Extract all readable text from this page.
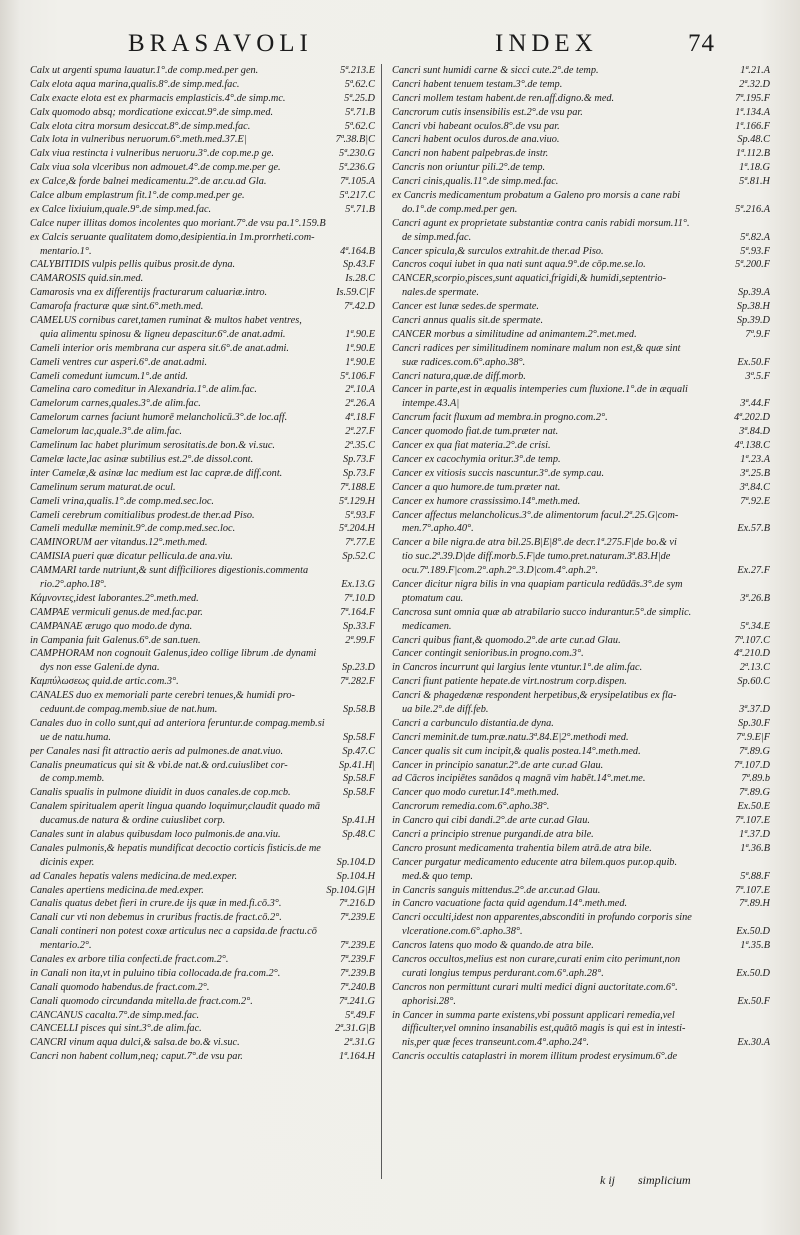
BRASAVOLI	INDEX	74
Calx ut argenti spuma lauatur.1°.de comp.med.per gen.	5ª.213.E
Calx elota aqua marina,qualis.8°.de simp.med.fac.	5ª.62.C
Calx exacte elota est ex pharmacis emplasticis.4°.de simp.mc.	5ª.25.D
Calx quomodo absq; mordicatione exiccat.9°.de simp.med.	5ª.71.B
Calx elota citra morsum desiccat.8°.de simp.med.fac.	5ª.62.C
Calx lota in vulneribus neruorum.6°.meth.med.37.E|	7ª.38.B|C
Calx viua restincta i vulneribus neruoru.3°.de cop.me.p ge.	5ª.230.G
Calx viua sola vlceribus non admouet.4°.de comp.me.per ge.	5ª.236.G
ex Calce,& forde balnei medicamentu.2°.de ar.cu.ad Gla.	7ª.105.A
Calce album emplastrum fit.1°.de comp.med.per ge.	5ª.217.C
ex Calce lixiuium,quale.9°.de simp.med.fac.	5ª.71.B
Calce nuper illitas domos incolentes quo moriant.7°.de vsu pa.1°.159.B
ex Calcis seruante qualitatem domo,desipientia.in 1m.prorrheti.com-
mentario.1°.	4ª.164.B
CALYBITIDIS vulpis pellis quibus prosit.de dyna.	Sp.43.F
CAMAROSIS quid.sin.med.	Is.28.C
Camarosis vna ex differentijs fracturarum caluariæ.intro.	Is.59.C|F
Camarofa fracturæ quæ sint.6°.meth.med.	7ª.42.D
CAMELUS cornibus caret,tamen ruminat & multos habet ventres,
quia alimentu spinosu & ligneu depascitur.6°.de anat.admi.	1ª.90.E
Cameli interior oris membrana cur aspera sit.6°.de anat.admi.	1ª.90.E
Cameli ventres cur asperi.6°.de anat.admi.	1ª.90.E
Cameli comedunt iumcum.1°.de antid.	5ª.106.F
Camelina caro comeditur in Alexandria.1°.de alim.fac.	2ª.10.A
Camelorum carnes,quales.3°.de alim.fac.	2ª.26.A
Camelorum carnes faciunt humorē melancholicū.3°.de loc.aff.	4ª.18.F
Camelorum lac,quale.3°.de alim.fac.	2ª.27.F
Camelinum lac habet plurimum serositatis.de bon.& vi.suc.	2ª.35.C
Camelæ lacte,lac asinæ subtilius est.2°.de dissol.cont.	Sp.73.F
inter Camelæ,& asinæ lac medium est lac capræ.de diff.cont.	Sp.73.F
Camelinum serum maturat.de ocul.	7ª.188.E
Cameli vrina,qualis.1°.de comp.med.sec.loc.	5ª.129.H
Cameli cerebrum comitialibus prodest.de ther.ad Piso.	5ª.93.F
Cameli medullæ meminit.9°.de comp.med.sec.loc.	5ª.204.H
CAMINORUM aer vitandus.12°.meth.med.	7ª.77.E
CAMISIA pueri quæ dicatur pellicula.de ana.viu.	Sp.52.C
CAMMARI tarde nutriunt,& sunt difficiliores digestionis.commenta
rio.2°.apho.18°.	Ex.13.G
Κάμνοντες,idest laborantes.2°.meth.med.	7ª.10.D
CAMPAE vermiculi genus.de med.fac.par.	7ª.164.F
CAMPANAE ærugo quo modo.de dyna.	Sp.33.F
in Campania fuit Galenus.6°.de san.tuen.	2ª.99.F
CAMPHORAM non cognouit Galenus,ideo collige librum .de dynami
dys non esse Galeni.de dyna.	Sp.23.D
Καμπύλωσεως quid.de artic.com.3°.	7ª.282.F
CANALES duo ex memoriali parte cerebri tenues,& humidi pro-
ceduunt.de compag.memb.siue de nat.hum.	Sp.58.B
Canales duo in collo sunt,qui ad anteriora feruntur.de compag.memb.si
ue de natu.huma.	Sp.58.F
per Canales nasi fit attractio aeris ad pulmones.de anat.viuo.	Sp.47.C
Canalis pneumaticus qui sit & vbi.de nat.& ord.cuiuslibet cor-	Sp.41.H|
de comp.memb.	Sp.58.F
Canalis spualis in pulmone diuidit in duos canales.de cop.mcb.	Sp.58.F
Canalem spiritualem aperit lingua quando loquimur,claudit quado mā
ducamus.de natura & ordine cuiuslibet corp.	Sp.41.H
Canales sunt in alabus quibusdam loco pulmonis.de ana.viu.	Sp.48.C
Canales pulmonis,& hepatis mundificat decoctio corticis fisticis.de me
dicinis exper.	Sp.104.D
ad Canales hepatis valens medicina.de med.exper.	Sp.104.H
Canales apertiens medicina.de med.exper.	Sp.104.G|H
Canalis quatus debet fieri in crure.de ijs quæ in med.fi.cō.3°.	7ª.216.D
Canali cur vti non debemus in cruribus fractis.de fract.cō.2°.	7ª.239.E
Canali contineri non potest coxæ articulus nec a capsida.de fractu.cō
mentario.2°.	7ª.239.E
Canales ex arbore tilia confecti.de fract.com.2°.	7ª.239.F
in Canali non ita,vt in puluino tibia collocada.de fra.com.2°.	7ª.239.B
Canali quomodo habendus.de fract.com.2°.	7ª.240.B
Canali quomodo circundanda mitella.de fract.com.2°.	7ª.241.G
CANCANUS cacalta.7°.de simp.med.fac.	5ª.49.F
CANCELLI pisces qui sint.3°.de alim.fac.	2ª.31.G|B
CANCRI vinum aqua dulci,& salsa.de bo.& vi.suc.	2ª.31.G
Cancri non habent collum,neq; caput.7°.de vsu par.	1ª.164.H
Cancri sunt humidi carne & sicci cute.2°.de temp.	1ª.21.A
Cancri habent tenuem testam.3°.de temp.	2ª.32.D
Cancri mollem testam habent.de ren.aff.digno.& med.	7ª.195.F
Cancrorum cutis insensibilis est.2°.de vsu par.	1ª.134.A
Cancri vbi habeant oculos.8°.de vsu par.	1ª.166.F
Cancri habent oculos duros.de ana.viuo.	Sp.48.C
Cancri non habent palpebras.de instr.	1ª.112.B
Cancris non oriuntur pili.2°.de temp.	1ª.18.G
Cancri cinis,qualis.11°.de simp.med.fac.	5ª.81.H
ex Cancris medicamentum probatum a Galeno pro morsis a cane rabi
do.1°.de comp.med.per gen.	5ª.216.A
Cancri agunt ex proprietate substantiæ contra canis rabidi morsum.11°.
de simp.med.fac.	5ª.82.A
Cancer spicula,& surculos extrahit.de ther.ad Piso.	5ª.93.F
Cancros coqui iubet in qua nati sunt aqua.9°.de cōp.me.se.lo.	5ª.200.F
CANCER,scorpio,pisces,sunt aquatici,frigidi,& humidi,septentrio-
nales.de spermate.	Sp.39.A
Cancer est lunæ sedes.de spermate.	Sp.38.H
Cancri annus qualis sit.de spermate.	Sp.39.D
CANCER morbus a similitudine ad animantem.2°.met.med.	7ª.9.F
Cancri radices per similitudinem nominare malum non est,& quæ sint
suæ radices.com.6°.apho.38°.	Ex.50.F
Cancri natura,quæ.de diff.morb.	3ª.5.F
Cancer in parte,est in æqualis intemperies cum fluxione.1°.de in æquali
intempe.43.A|	3ª.44.F
Cancrum facit fluxum ad membra.in progno.com.2°.	4ª.202.D
Cancer quomodo fiat.de tum.præter nat.	3ª.84.D
Cancer ex qua fiat materia.2°.de crisi.	4ª.138.C
Cancer ex cacochymia oritur.3°.de temp.	1ª.23.A
Cancer ex vitiosis succis nascuntur.3°.de symp.cau.	3ª.25.B
Cancer a quo humore.de tum.præter nat.	3ª.84.C
Cancer ex humore crassissimo.14°.meth.med.	7ª.92.E
Cancer affectus melancholicus.3°.de alimentorum facul.2ª.25.G|com-
men.7°.apho.40°.	Ex.57.B
Cancer a bile nigra.de atra bil.25.B|E|8°.de decr.1ª.275.F|de bo.& vi
tio suc.2ª.39.D|de diff.morb.5.F|de tumo.pret.naturam.3ª.83.H|de
ocu.7ª.189.F|com.2°.aph.2°.3.D|com.4°.aph.2°.	Ex.27.F
Cancer dicitur nigra bilis in vna quapiam particula redūdās.3°.de sym
ptomatum cau.	3ª.26.B
Cancrosa sunt omnia quæ ab atrabilario succo indurantur.5°.de simplic.
medicamen.	5ª.34.E
Cancri quibus fiant,& quomodo.2°.de arte cur.ad Glau.	7ª.107.C
Cancer contingit senioribus.in progno.com.3°.	4ª.210.D
in Cancros incurrunt qui largius lente vtuntur.1°.de alim.fac.	2ª.13.C
Cancri fiunt patiente hepate.de virt.nostrum corp.dispen.	Sp.60.C
Cancri & phagedænæ respondent herpetibus,& erysipelatibus ex fla-
ua bile.2°.de diff.feb.	3ª.37.D
Cancri a carbunculo distantia.de dyna.	Sp.30.F
Cancri meminit.de tum.præ.natu.3ª.84.E|2°.methodi med.	7ª.9.E|F
Cancer qualis sit cum incipit,& qualis postea.14°.meth.med.	7ª.89.G
Cancer in principio sanatur.2°.de arte cur.ad Glau.	7ª.107.D
ad Cācros incipiētes sanādos q magnā vim habēt.14°.met.me.	7ª.89.b
Cancer quo modo curetur.14°.meth.med.	7ª.89.G
Cancrorum remedia.com.6°.apho.38°.	Ex.50.E
in Cancro qui cibi dandi.2°.de arte cur.ad Glau.	7ª.107.E
Cancri a principio strenue purgandi.de atra bile.	1ª.37.D
Cancro prosunt medicamenta trahentia bilem atrā.de atra bile.	1ª.36.B
Cancer purgatur medicamento educente atra bilem.quos pur.op.quib.
med.& quo temp.	5ª.88.F
in Cancris sanguis mittendus.2°.de ar.cur.ad Glau.	7ª.107.E
in Cancro vacuatione facta quid agendum.14°.meth.med.	7ª.89.H
Cancri occulti,idest non apparentes,absconditi in profundo corporis sine
vlceratione.com.6°.apho.38°.	Ex.50.D
Cancros latens quo modo & quando.de atra bile.	1ª.35.B
Cancros occultos,melius est non curare,curati enim cito perimunt,non
curati longius tempus perdurant.com.6°.aph.28°.	Ex.50.D
Cancros non permittunt curari multi medici digni auctoritate.com.6°.
aphorisi.28°.	Ex.50.F
in Cancer in summa parte existens,vbi possunt applicari remedia,vel
difficulter,vel omnino insanabilis est,quātō magis is qui est in intesti-
nis,per quæ feces transeunt.com.4°.apho.24°.	Ex.30.A
Cancris occultis cataplastri in morem illitum prodest erysimum.6°.de
k ij simplicium
